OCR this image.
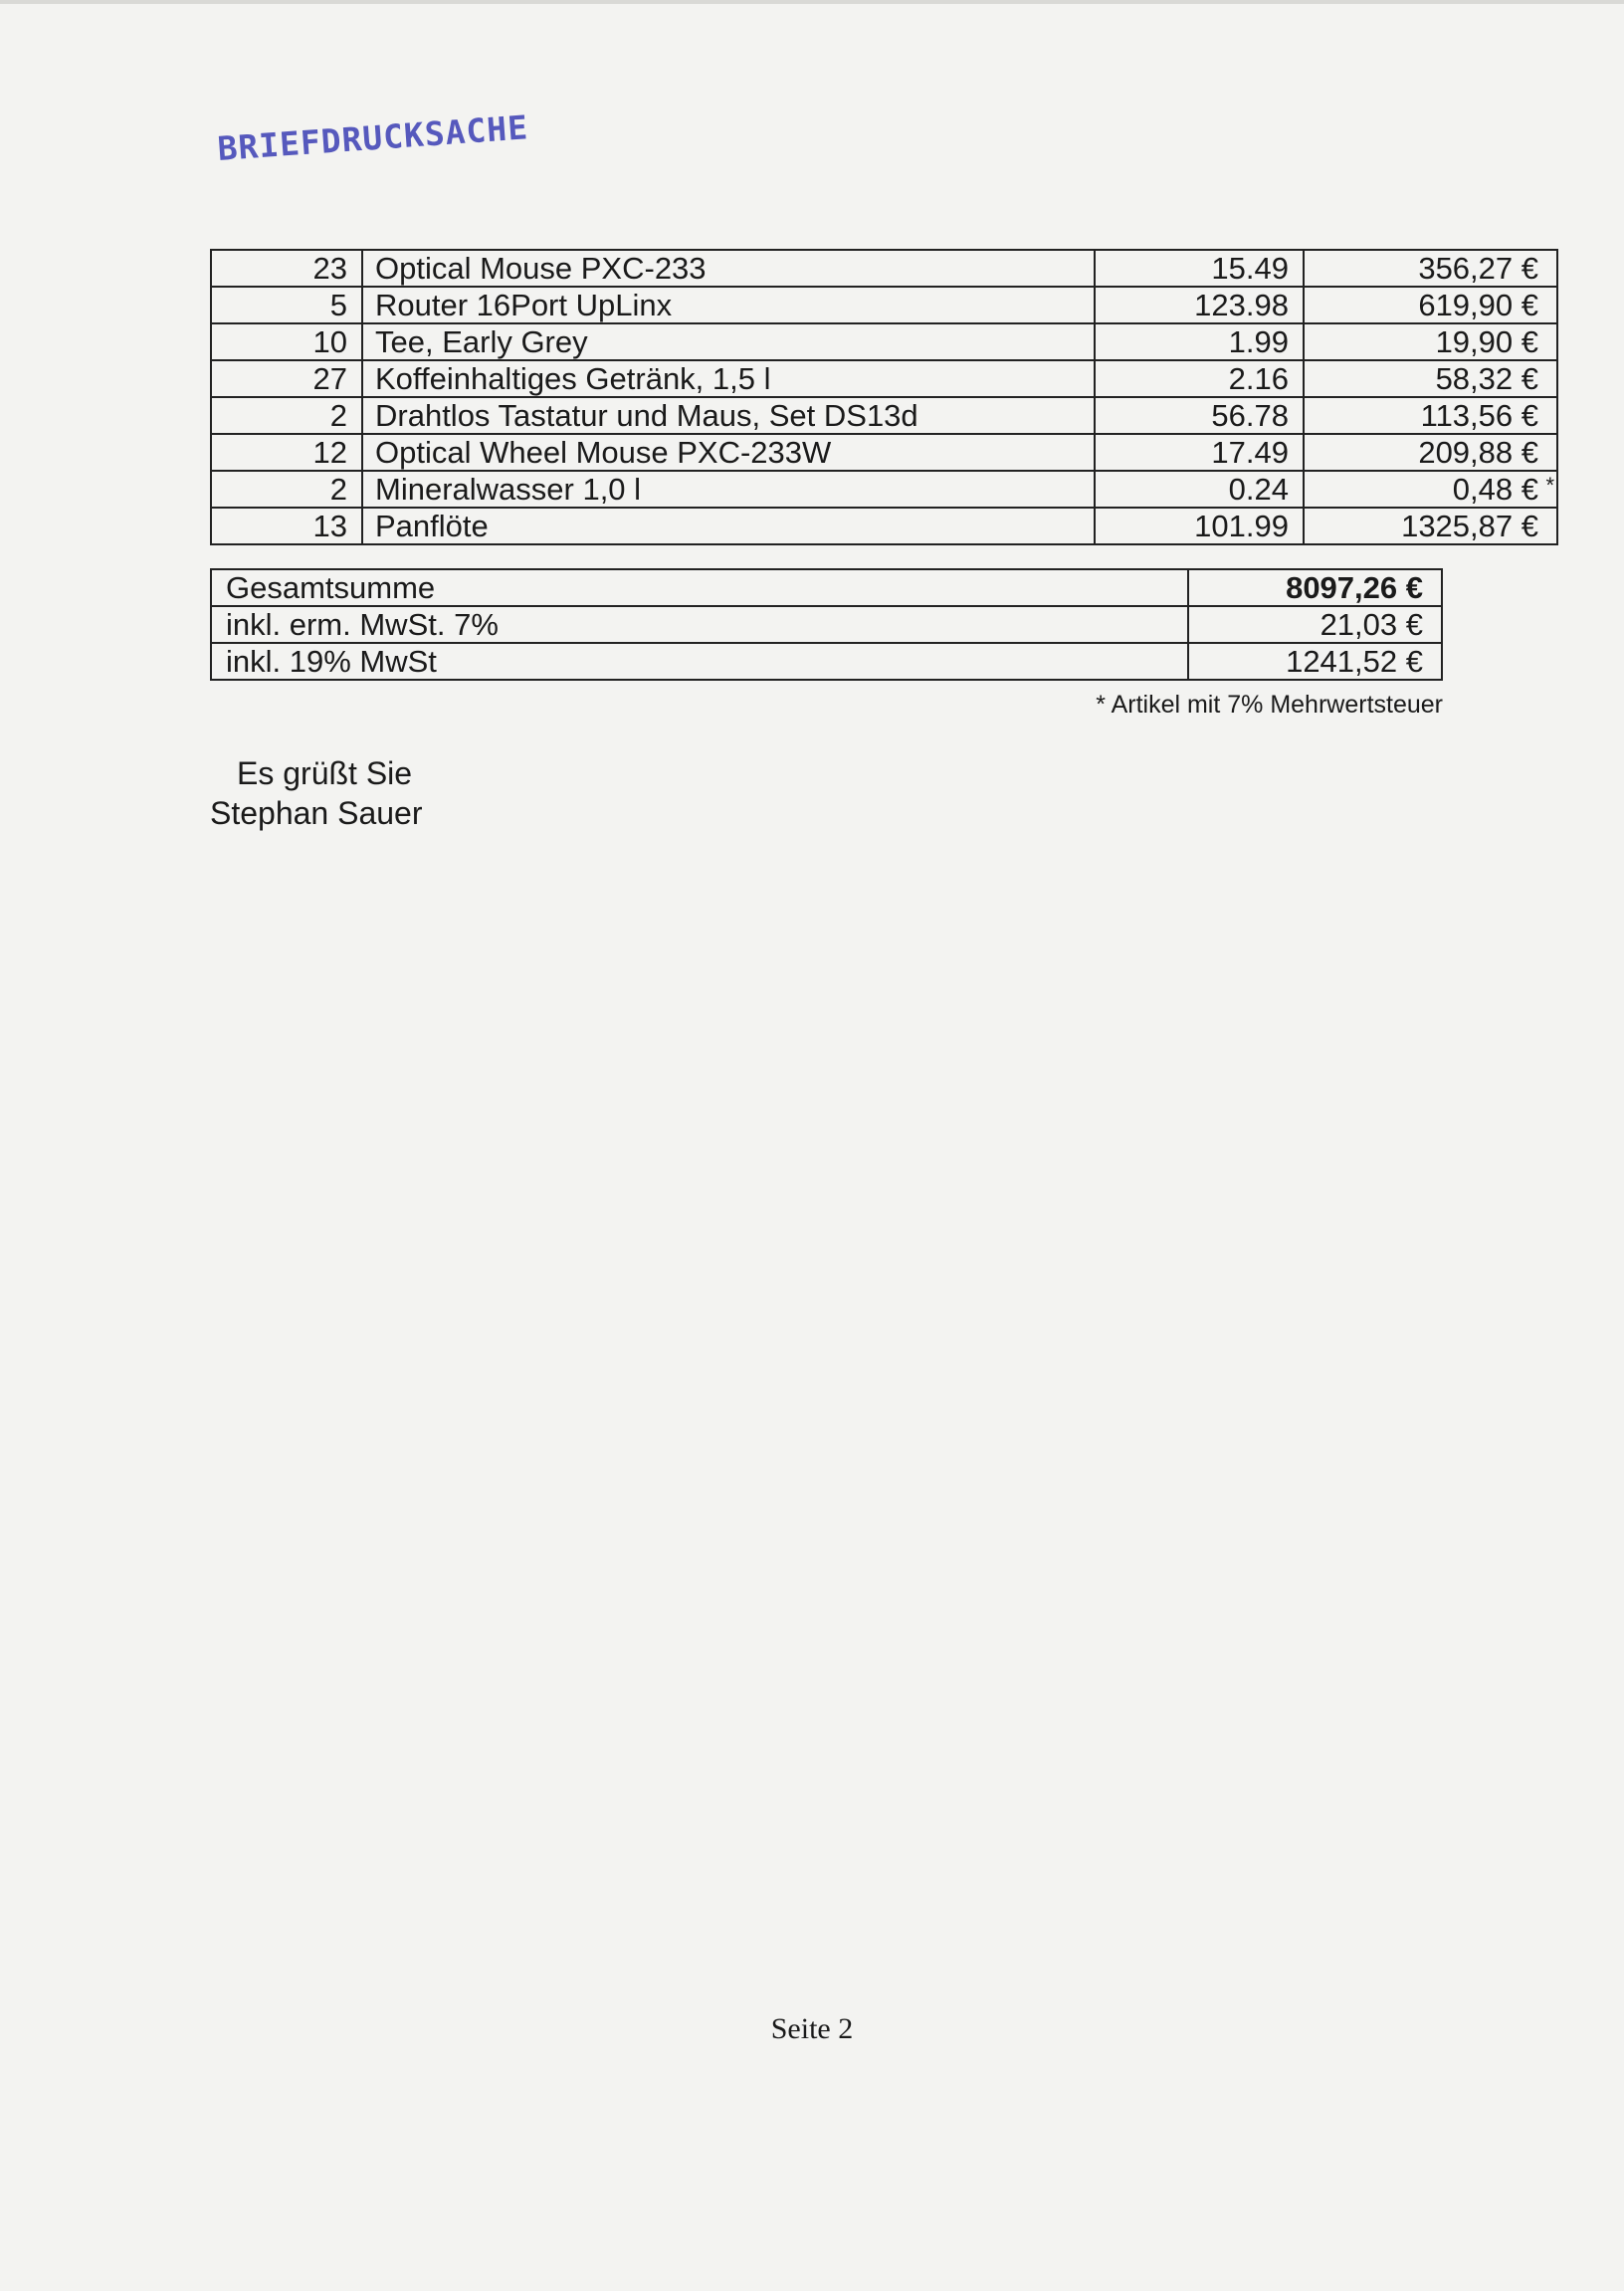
BRIEFDRUCKSACHE
23	Optical Mouse PXC-233	15.49	356,27 €

5	Router 16Port UpLinx	123.98	619,90 €

10	Tee, Early Grey	1.99	19,90 €

27	Koffeinhaltiges Getränk, 1,5 l	2.16	58,32 €

2	Drahtlos Tastatur und Maus, Set DS13d	56.78	113,56 €

12	Optical Wheel Mouse PXC-233W	17.49	209,88 €

2	Mineralwasser 1,0 l	0.24	0,48 € *

13	Panflöte	101.99	1325,87 €
Gesamtsumme	8097,26 €
inkl. erm. MwSt. 7%	21,03 €
inkl. 19% MwSt	1241,52 €
* Artikel mit 7% Mehrwertsteuer
Es grüßt Sie
Stephan Sauer
Seite 2
